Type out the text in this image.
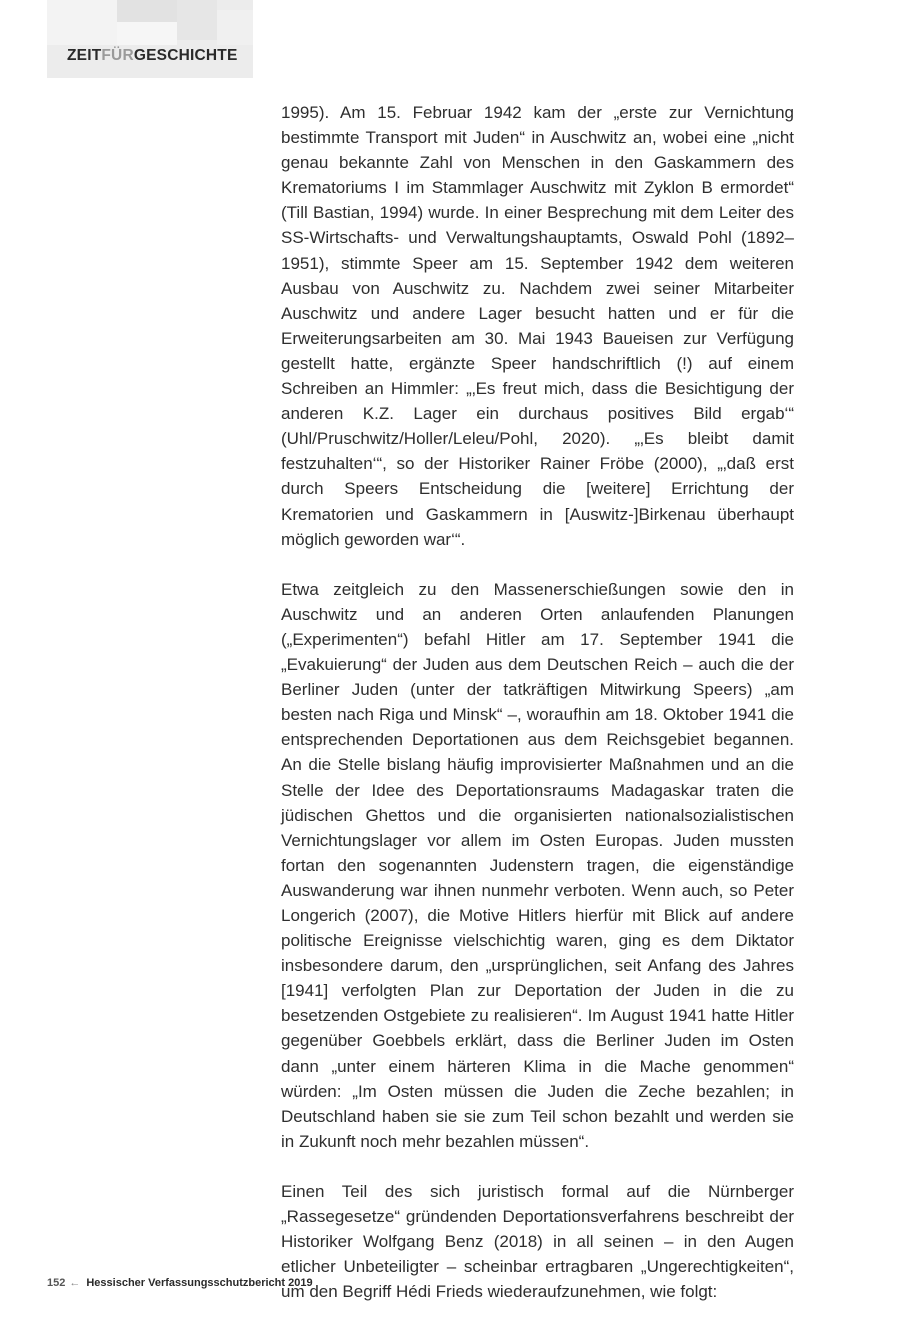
ZEITFÜRGESCHICHTE

1995). Am 15. Februar 1942 kam der „erste zur Vernichtung bestimmte Transport mit Juden“ in Auschwitz an, wobei eine „nicht genau bekannte Zahl von Menschen in den Gaskammern des Krematoriums I im Stammlager Auschwitz mit Zyklon B ermordet“ (Till Bastian, 1994) wurde. In einer Besprechung mit dem Leiter des SS-Wirtschafts- und Verwaltungshauptamts, Oswald Pohl (1892–1951), stimmte Speer am 15. September 1942 dem weiteren Ausbau von Auschwitz zu. Nachdem zwei seiner Mitarbeiter Auschwitz und andere Lager besucht hatten und er für die Erweiterungsarbeiten am 30. Mai 1943 Baueisen zur Verfügung gestellt hatte, ergänzte Speer handschriftlich (!) auf einem Schreiben an Himmler: „‚Es freut mich, dass die Besichtigung der anderen K.Z. Lager ein durchaus positives Bild ergab‘“ (Uhl/Pruschwitz/Holler/Leleu/Pohl, 2020). „‚Es bleibt damit festzuhalten‘“, so der Historiker Rainer Fröbe (2000), „‚daß erst durch Speers Entscheidung die [weitere] Errichtung der Krematorien und Gaskammern in [Auswitz-]Birkenau überhaupt möglich geworden war‘“.

Etwa zeitgleich zu den Massenerschießungen sowie den in Auschwitz und an anderen Orten anlaufenden Planungen („Experimenten“) befahl Hitler am 17. September 1941 die „Evakuierung“ der Juden aus dem Deutschen Reich – auch die der Berliner Juden (unter der tatkräftigen Mitwirkung Speers) „am besten nach Riga und Minsk“ –, woraufhin am 18. Oktober 1941 die entsprechenden Deportationen aus dem Reichsgebiet begannen. An die Stelle bislang häufig improvisierter Maßnahmen und an die Stelle der Idee des Deportationsraums Madagaskar traten die jüdischen Ghettos und die organisierten nationalsozialistischen Vernichtungslager vor allem im Osten Europas. Juden mussten fortan den sogenannten Judenstern tragen, die eigenständige Auswanderung war ihnen nunmehr verboten. Wenn auch, so Peter Longerich (2007), die Motive Hitlers hierfür mit Blick auf andere politische Ereignisse vielschichtig waren, ging es dem Diktator insbesondere darum, den „ursprünglichen, seit Anfang des Jahres [1941] verfolgten Plan zur Deportation der Juden in die zu besetzenden Ostgebiete zu realisieren“. Im August 1941 hatte Hitler gegenüber Goebbels erklärt, dass die Berliner Juden im Osten dann „unter einem härteren Klima in die Mache genommen“ würden: „Im Osten müssen die Juden die Zeche bezahlen; in Deutschland haben sie sie zum Teil schon bezahlt und werden sie in Zukunft noch mehr bezahlen müssen“.

Einen Teil des sich juristisch formal auf die Nürnberger „Rassegesetze“ gründenden Deportationsverfahrens beschreibt der Historiker Wolfgang Benz (2018) in all seinen – in den Augen etlicher Unbeteiligter – scheinbar ertragbaren „Ungerechtigkeiten“, um den Begriff Hédi Frieds wiederaufzunehmen, wie folgt:

152 ← Hessischer Verfassungsschutzbericht 2019
